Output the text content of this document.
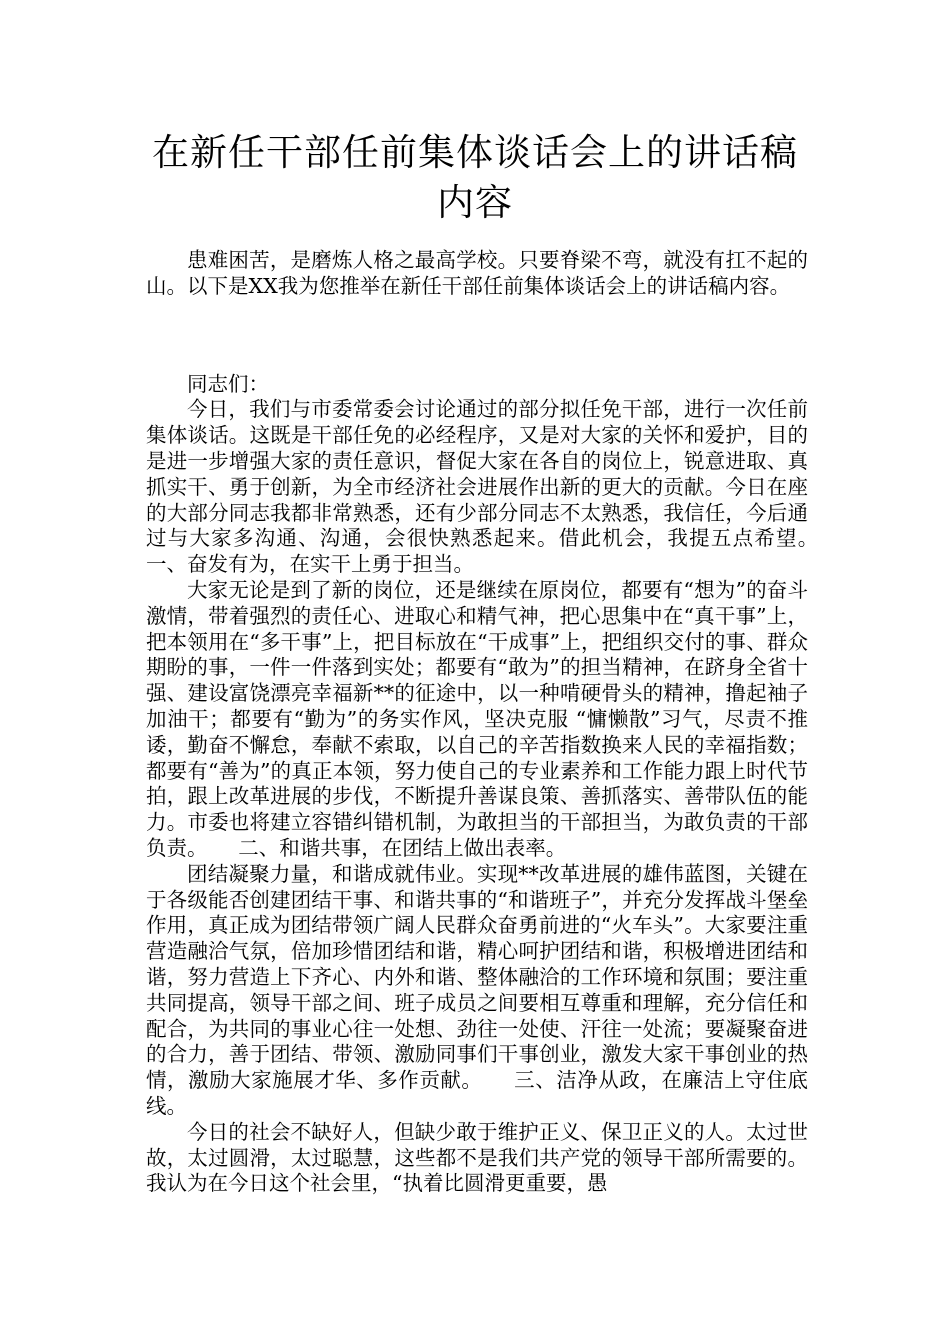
在新任干部任前集体谈话会上的讲话稿内容

患难困苦，是磨炼人格之最高学校。只要脊梁不弯，就没有扛不起的山。以下是XX我为您推举在新任干部任前集体谈话会上的讲话稿内容。

同志们：

今日，我们与市委常委会讨论通过的部分拟任免干部，进行一次任前集体谈话。这既是干部任免的必经程序，又是对大家的关怀和爱护，目的是进一步增强大家的责任意识，督促大家在各自的岗位上，锐意进取、真抓实干、勇于创新，为全市经济社会进展作出新的更大的贡献。今日在座的大部分同志我都非常熟悉，还有少部分同志不太熟悉，我信任，今后通过与大家多沟通、沟通，会很快熟悉起来。借此机会，我提五点希望。　　一、奋发有为，在实干上勇于担当。

大家无论是到了新的岗位，还是继续在原岗位，都要有“想为”的奋斗激情，带着强烈的责任心、进取心和精气神，把心思集中在“真干事”上，把本领用在“多干事”上，把目标放在“干成事”上，把组织交付的事、群众期盼的事，一件一件落到实处；都要有“敢为”的担当精神，在跻身全省十强、建设富饶漂亮幸福新**的征途中，以一种啃硬骨头的精神，撸起袖子加油干；都要有“勤为”的务实作风，坚决克服 “慵懒散”习气，尽责不推诿，勤奋不懈怠，奉献不索取，以自己的辛苦指数换来人民的幸福指数；都要有“善为”的真正本领，努力使自己的专业素养和工作能力跟上时代节拍，跟上改革进展的步伐，不断提升善谋良策、善抓落实、善带队伍的能力。市委也将建立容错纠错机制，为敢担当的干部担当，为敢负责的干部负责。　　二、和谐共事，在团结上做出表率。

团结凝聚力量，和谐成就伟业。实现**改革进展的雄伟蓝图，关键在于各级能否创建团结干事、和谐共事的“和谐班子”，并充分发挥战斗堡垒作用，真正成为团结带领广阔人民群众奋勇前进的“火车头”。大家要注重营造融洽气氛，倍加珍惜团结和谐，精心呵护团结和谐，积极增进团结和谐，努力营造上下齐心、内外和谐、整体融洽的工作环境和氛围；要注重共同提高，领导干部之间、班子成员之间要相互尊重和理解，充分信任和配合，为共同的事业心往一处想、劲往一处使、汗往一处流；要凝聚奋进的合力，善于团结、带领、激励同事们干事创业，激发大家干事创业的热情，激励大家施展才华、多作贡献。　　三、洁净从政，在廉洁上守住底线。

今日的社会不缺好人，但缺少敢于维护正义、保卫正义的人。太过世故，太过圆滑，太过聪慧，这些都不是我们共产党的领导干部所需要的。我认为在今日这个社会里，“执着比圆滑更重要，愚
